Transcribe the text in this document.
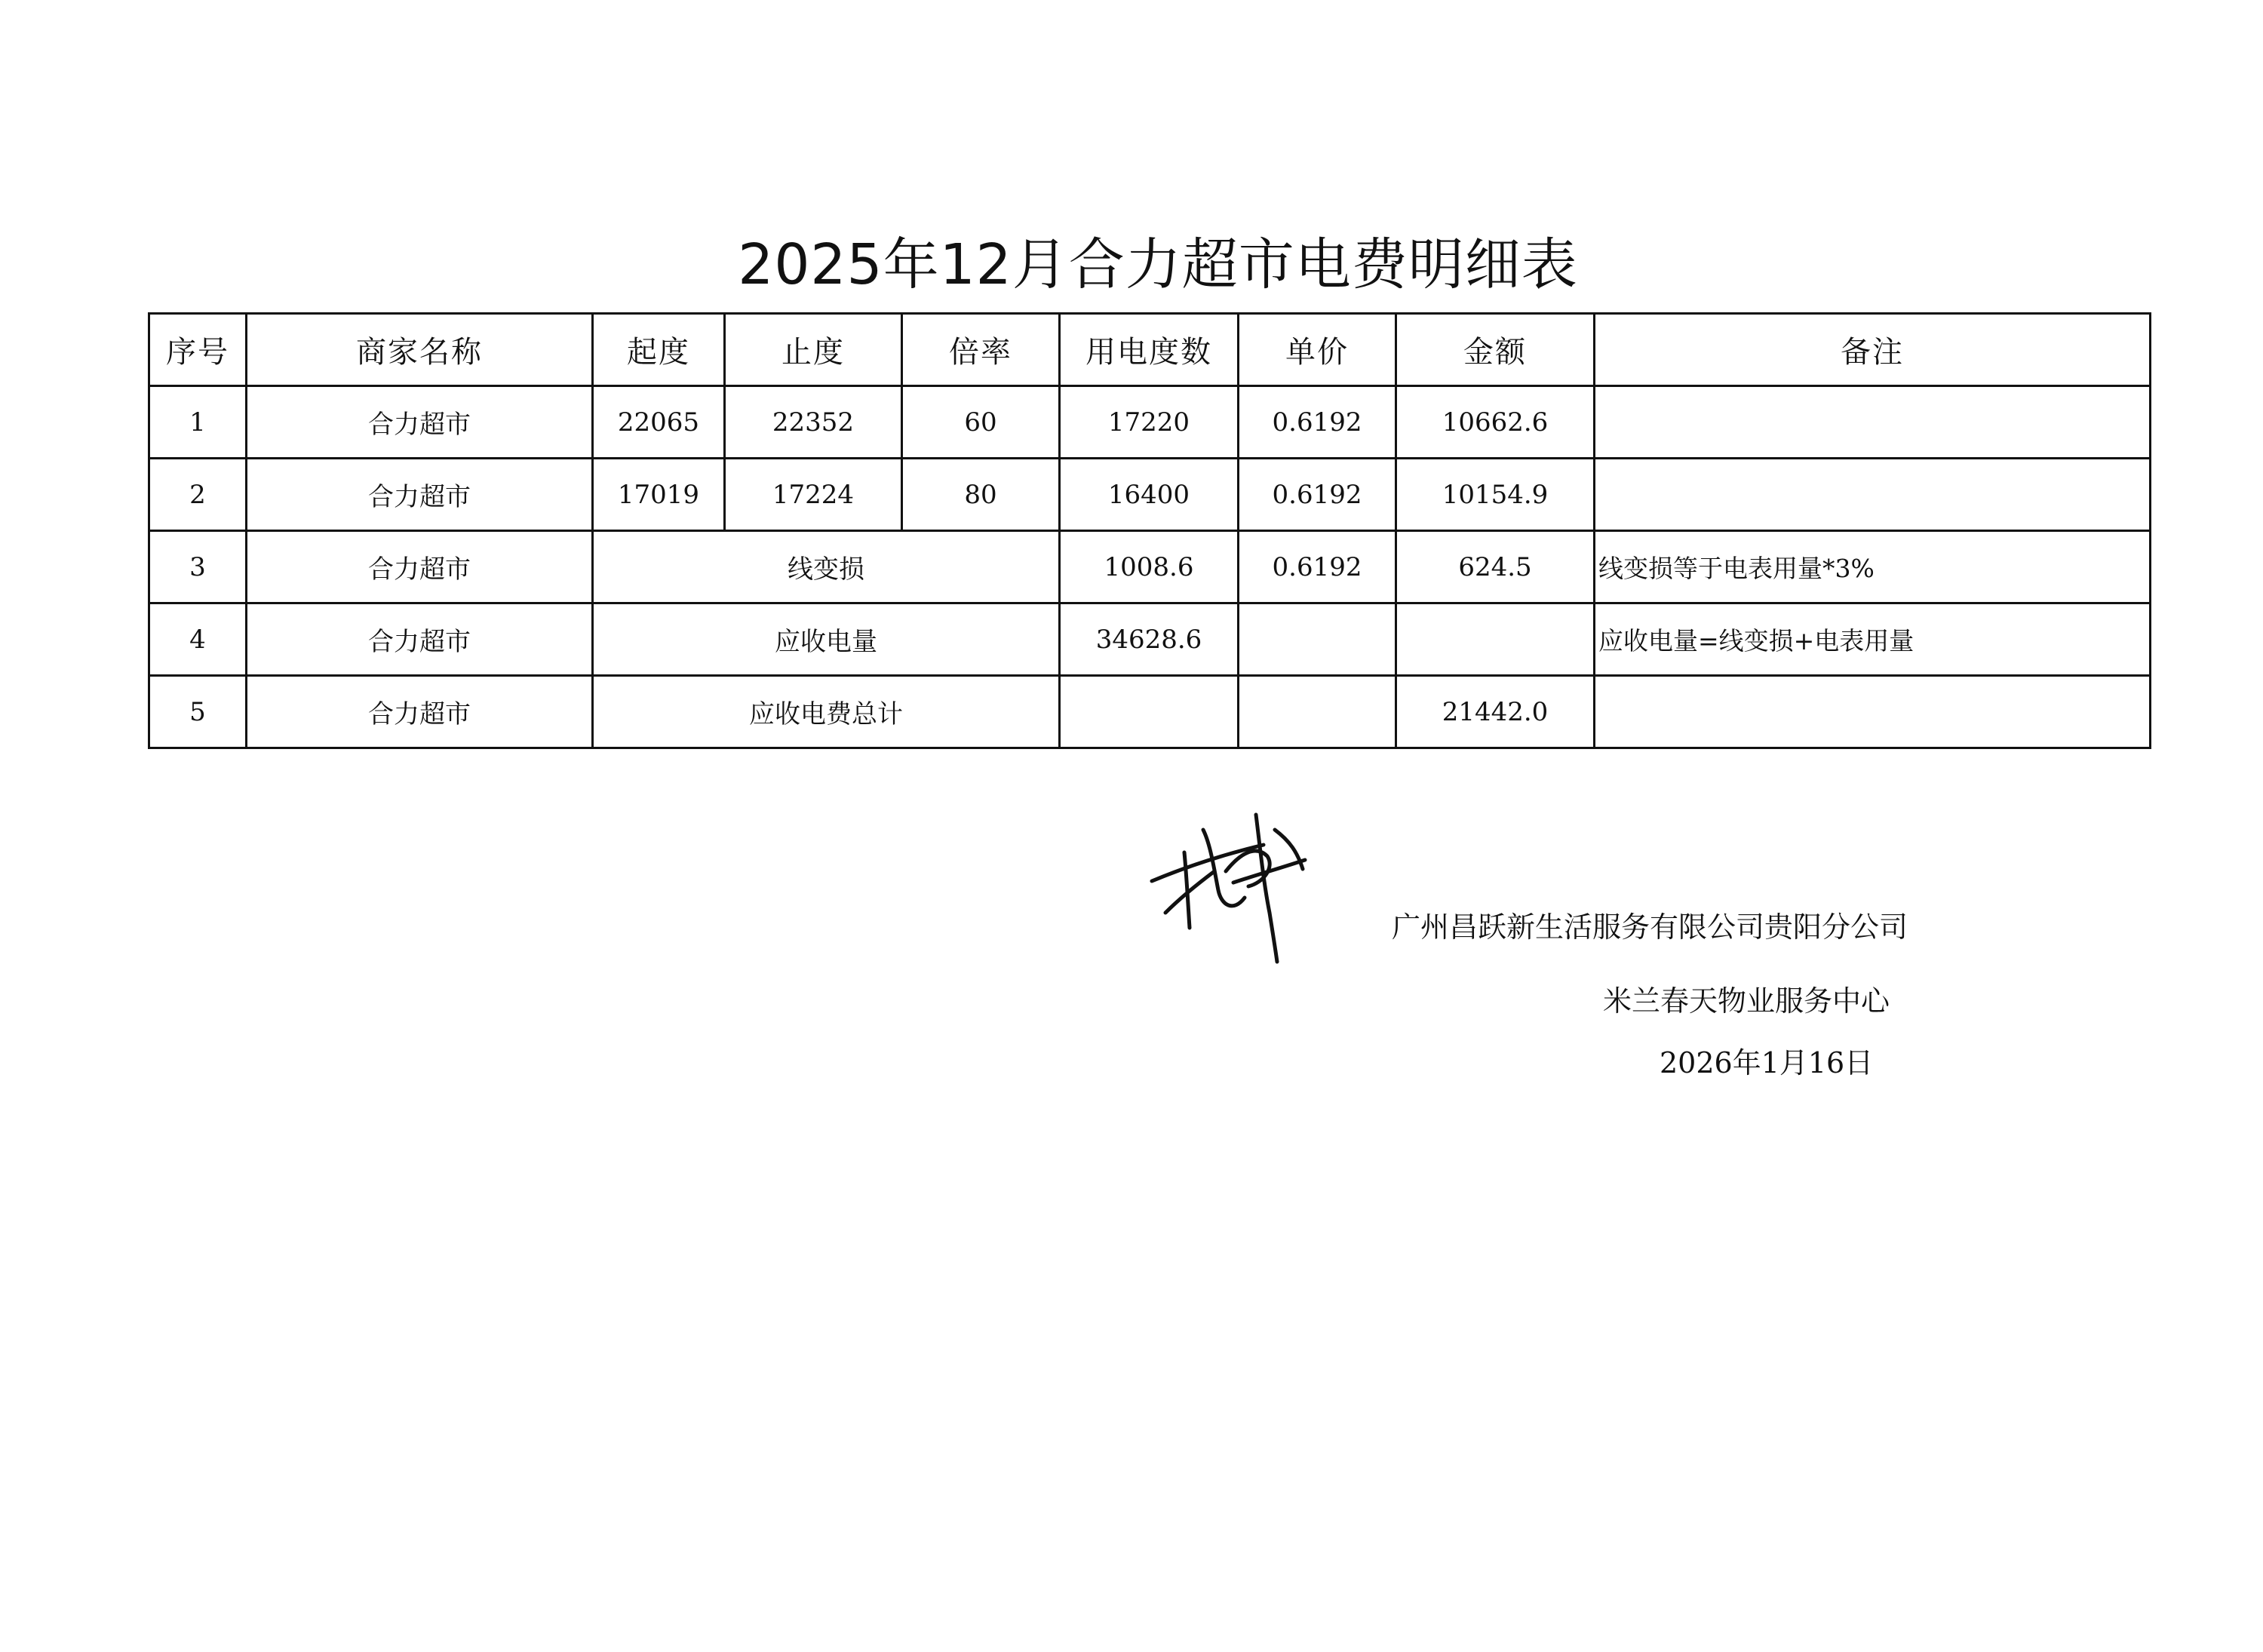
2025年12月合力超市电费明细表
序号	商家名称	起度	止度	倍率	用电度数	单价	金额	备注
1	合力超市	22065	22352	60	17220	0.6192	10662.6	
2	合力超市	17019	17224	80	16400	0.6192	10154.9	
3	合力超市	线变损			1008.6	0.6192	624.5	线变损等于电表用量*3%
4	合力超市	应收电量			34628.6			应收电量=线变损+电表用量
5	合力超市	应收电费总计					21442.0	
广州昌跃新生活服务有限公司贵阳分公司
米兰春天物业服务中心
2026年1月16日
